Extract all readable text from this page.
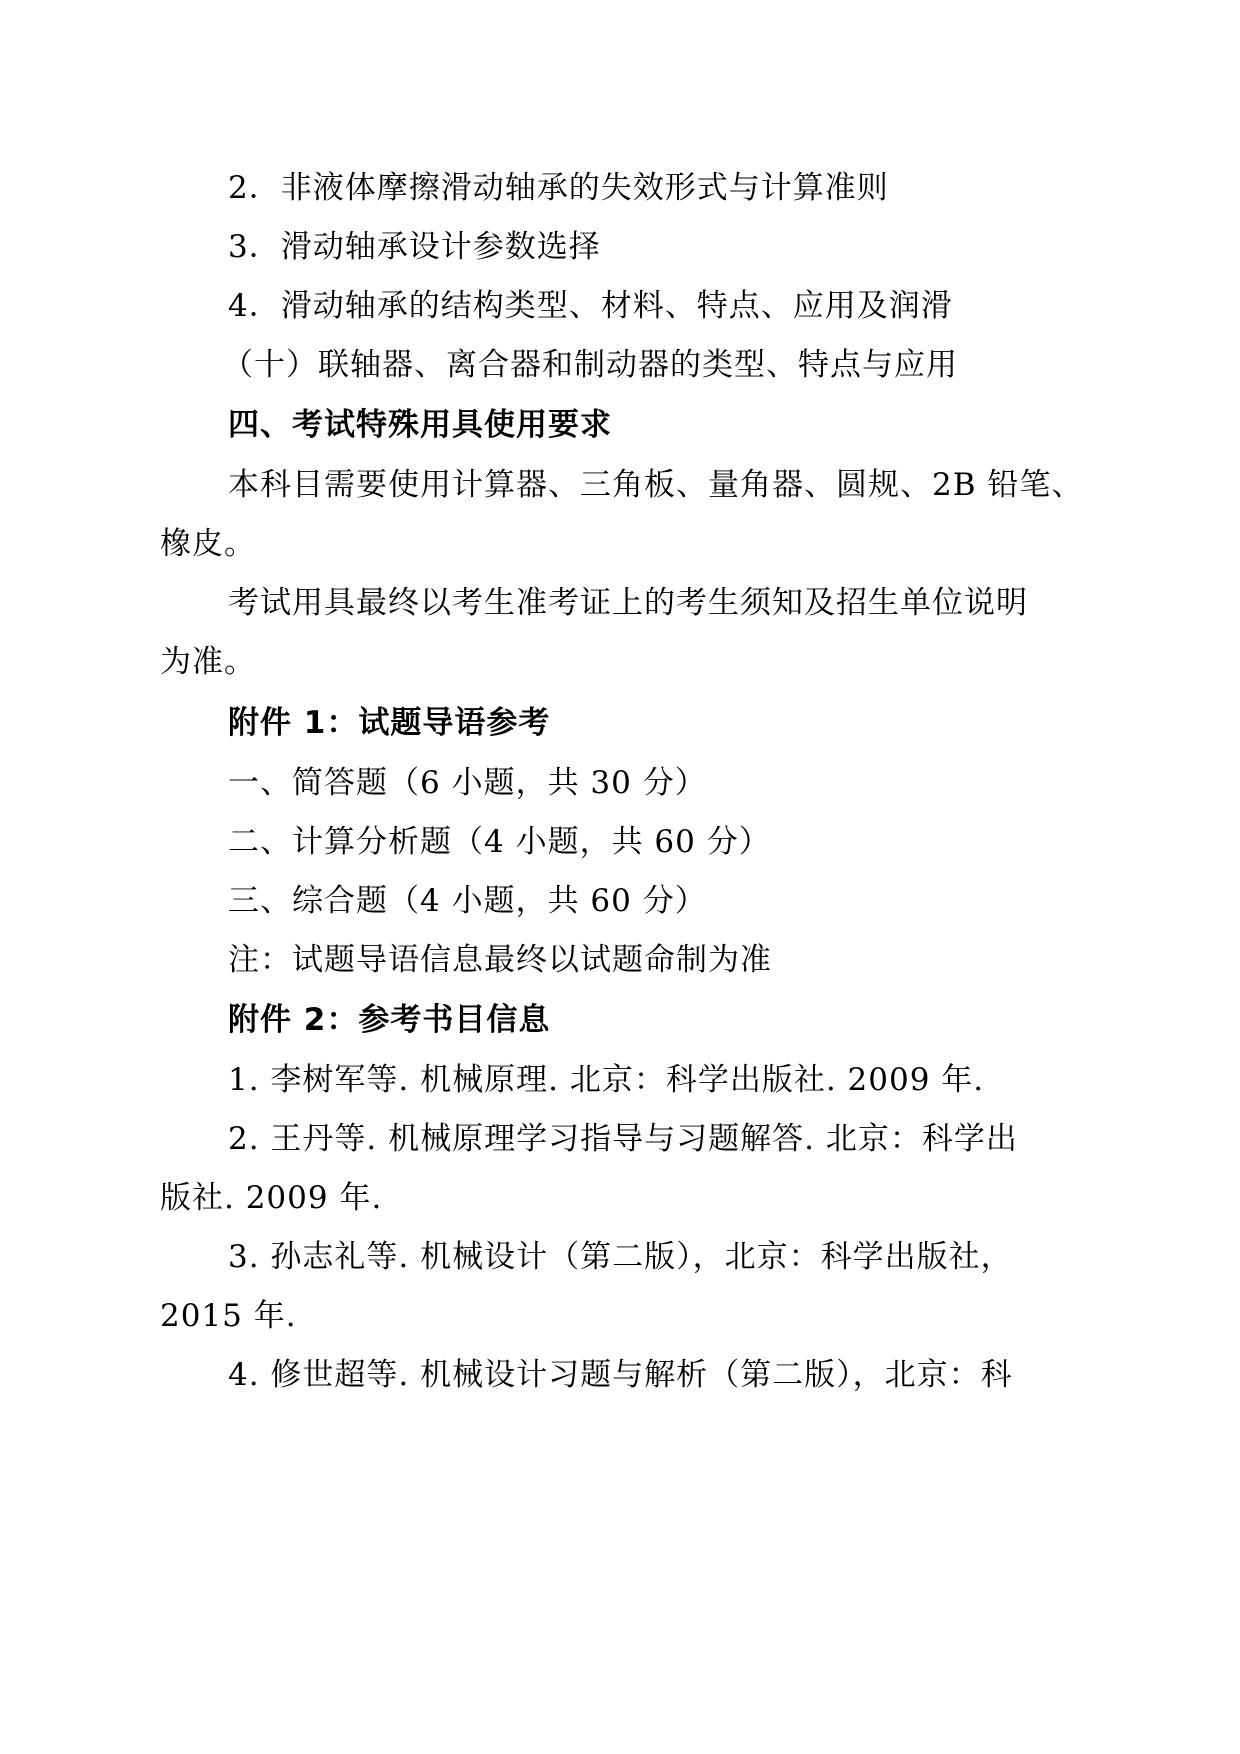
2．非液体摩擦滑动轴承的失效形式与计算准则
3．滑动轴承设计参数选择
4．滑动轴承的结构类型、材料、特点、应用及润滑
（十）联轴器、离合器和制动器的类型、特点与应用
四、考试特殊用具使用要求
本科目需要使用计算器、三角板、量角器、圆规、2B 铅笔、
橡皮。
考试用具最终以考生准考证上的考生须知及招生单位说明
为准。
附件 1：试题导语参考
一、简答题（6 小题，共 30 分）
二、计算分析题（4 小题，共 60 分）
三、综合题（4 小题，共 60 分）
注：试题导语信息最终以试题命制为准
附件 2：参考书目信息
1. 李树军等. 机械原理. 北京：科学出版社. 2009 年.
2. 王丹等. 机械原理学习指导与习题解答. 北京：科学出
版社. 2009 年.
3. 孙志礼等. 机械设计（第二版），北京：科学出版社，
2015 年.
4. 修世超等. 机械设计习题与解析（第二版），北京：科
